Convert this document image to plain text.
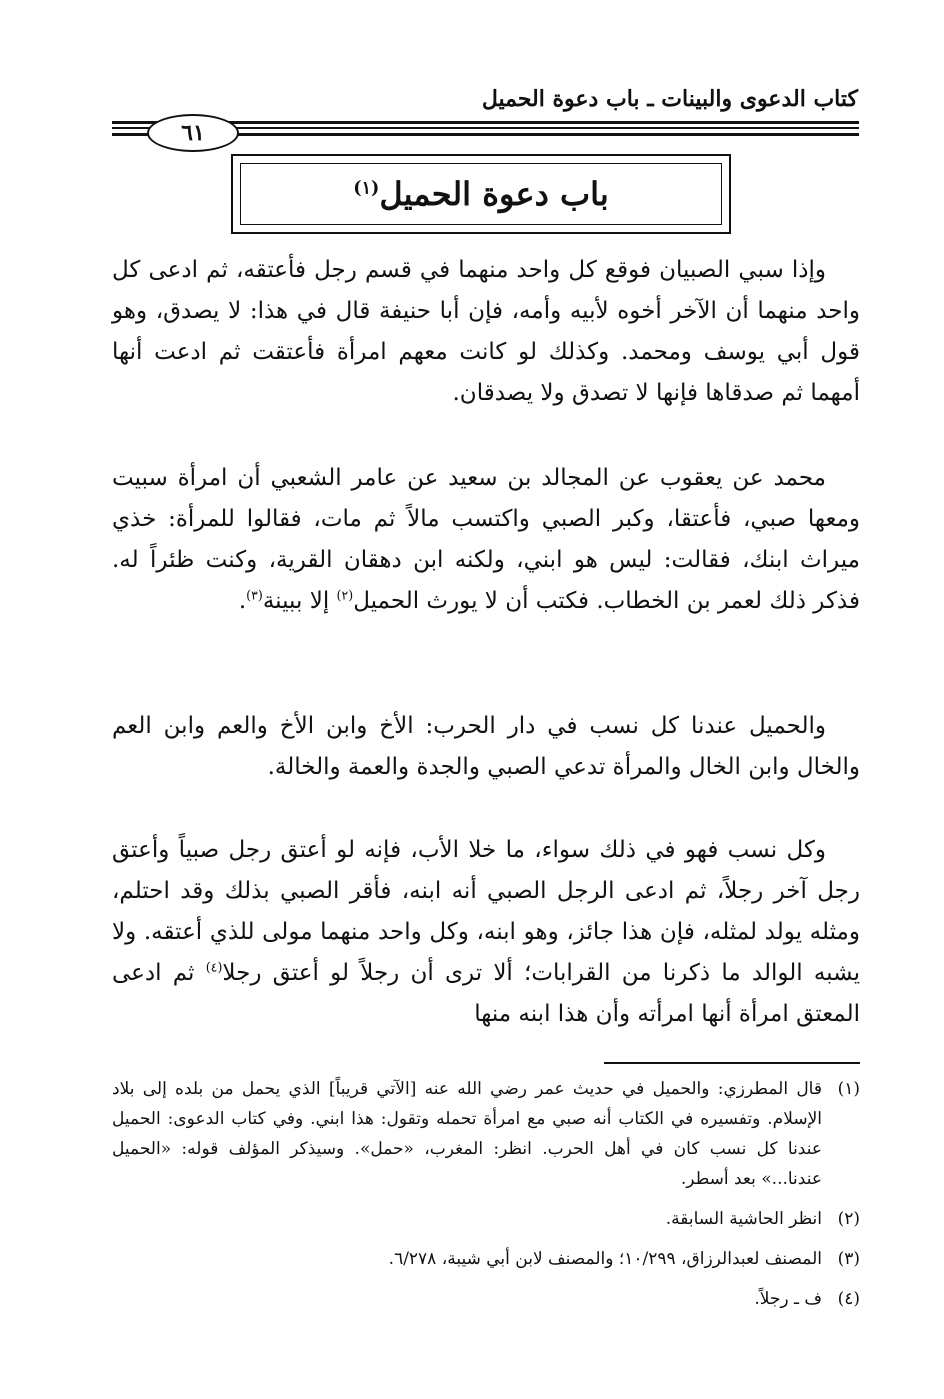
كتاب الدعوى والبينات ـ باب دعوة الحميل
٦١
باب دعوة الحميل$^{(١)}$
وإذا سبي الصبيان فوقع كل واحد منهما في قسم رجل فأعتقه، ثم ادعى كل واحد منهما أن الآخر أخوه لأبيه وأمه، فإن أبا حنيفة قال في هذا: لا يصدق، وهو قول أبي يوسف ومحمد. وكذلك لو كانت معهم امرأة فأعتقت ثم ادعت أنها أمهما ثم صدقاها فإنها لا تصدق ولا يصدقان.
محمد عن يعقوب عن المجالد بن سعيد عن عامر الشعبي أن امرأة سبيت ومعها صبي، فأعتقا، وكبر الصبي واكتسب مالاً ثم مات، فقالوا للمرأة: خذي ميراث ابنك، فقالت: ليس هو ابني، ولكنه ابن دهقان القرية، وكنت ظئراً له. فذكر ذلك لعمر بن الخطاب. فكتب أن لا يورث الحميل$^{(٢)}$ إلا ببينة$^{(٣)}$.
والحميل عندنا كل نسب في دار الحرب: الأخ وابن الأخ والعم وابن العم والخال وابن الخال والمرأة تدعي الصبي والجدة والعمة والخالة.
وكل نسب فهو في ذلك سواء، ما خلا الأب، فإنه لو أعتق رجل صبياً وأعتق رجل آخر رجلاً، ثم ادعى الرجل الصبي أنه ابنه، فأقر الصبي بذلك وقد احتلم، ومثله يولد لمثله، فإن هذا جائز، وهو ابنه، وكل واحد منهما مولى للذي أعتقه. ولا يشبه الوالد ما ذكرنا من القرابات؛ ألا ترى أن رجلاً لو أعتق رجلا$^{(٤)}$ ثم ادعى المعتق امرأة أنها امرأته وأن هذا ابنه منها
(١)
قال المطرزي: والحميل في حديث عمر رضي الله عنه [الآتي قريباً] الذي يحمل من بلده إلى بلاد الإسلام. وتفسيره في الكتاب أنه صبي مع امرأة تحمله وتقول: هذا ابني. وفي كتاب الدعوى: الحميل عندنا كل نسب كان في أهل الحرب. انظر: المغرب، «حمل». وسيذكر المؤلف قوله: «الحميل عندنا...» بعد أسطر.
(٢)
انظر الحاشية السابقة.
(٣)
المصنف لعبدالرزاق، ١٠/٢٩٩؛ والمصنف لابن أبي شيبة، ٦/٢٧٨.
(٤)
ف ـ رجلاً.
